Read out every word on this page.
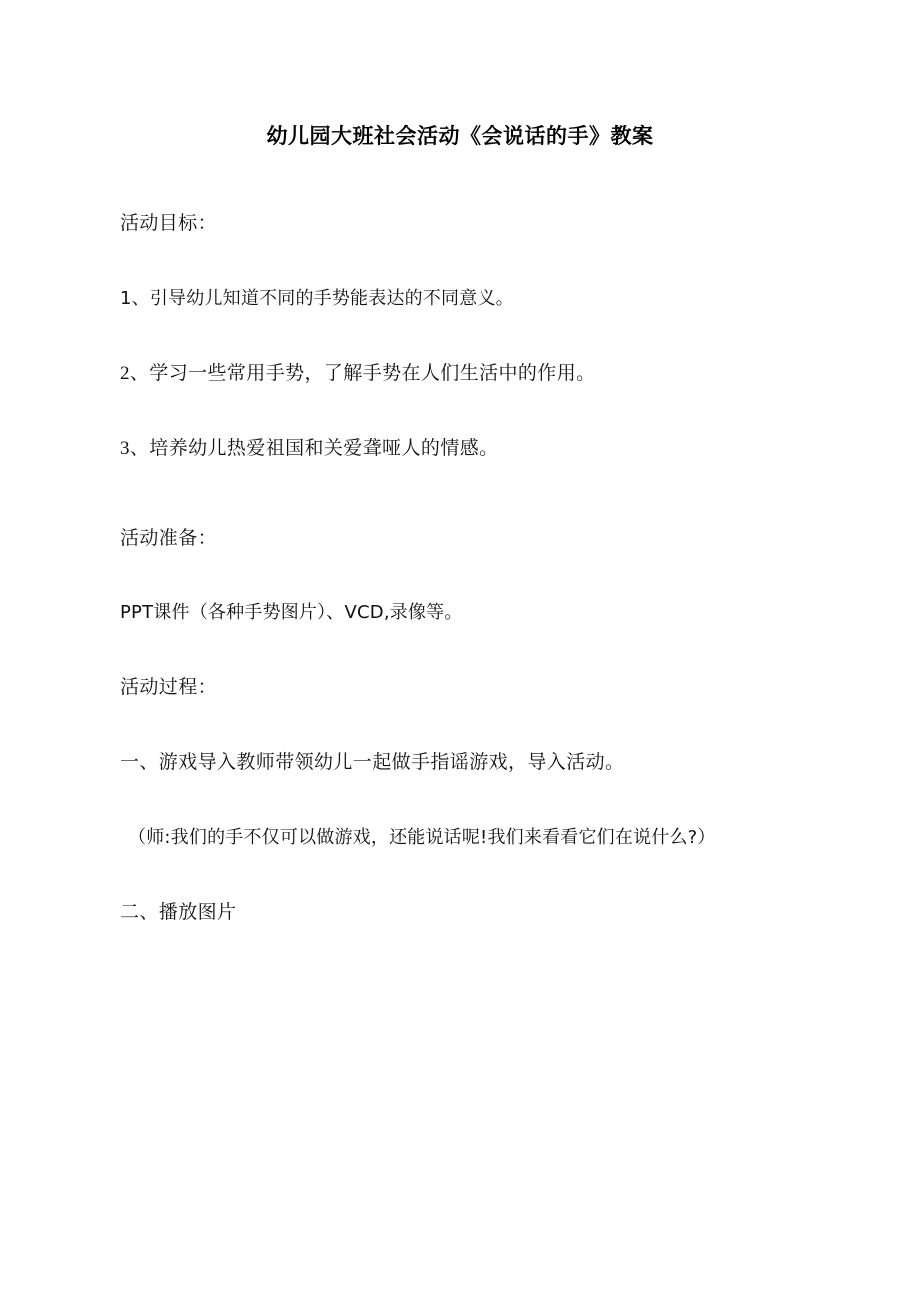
幼儿园大班社会活动《会说话的手》教案

活动目标：

1、引导幼儿知道不同的手势能表达的不同意义。

2、学习一些常用手势，了解手势在人们生活中的作用。

3、培养幼儿热爱祖国和关爱聋哑人的情感。

活动准备：

PPT课件（各种手势图片）、VCD,录像等。

活动过程：

一、游戏导入教师带领幼儿一起做手指谣游戏，导入活动。

（师:我们的手不仅可以做游戏，还能说话呢!我们来看看它们在说什么?）

二、播放图片
